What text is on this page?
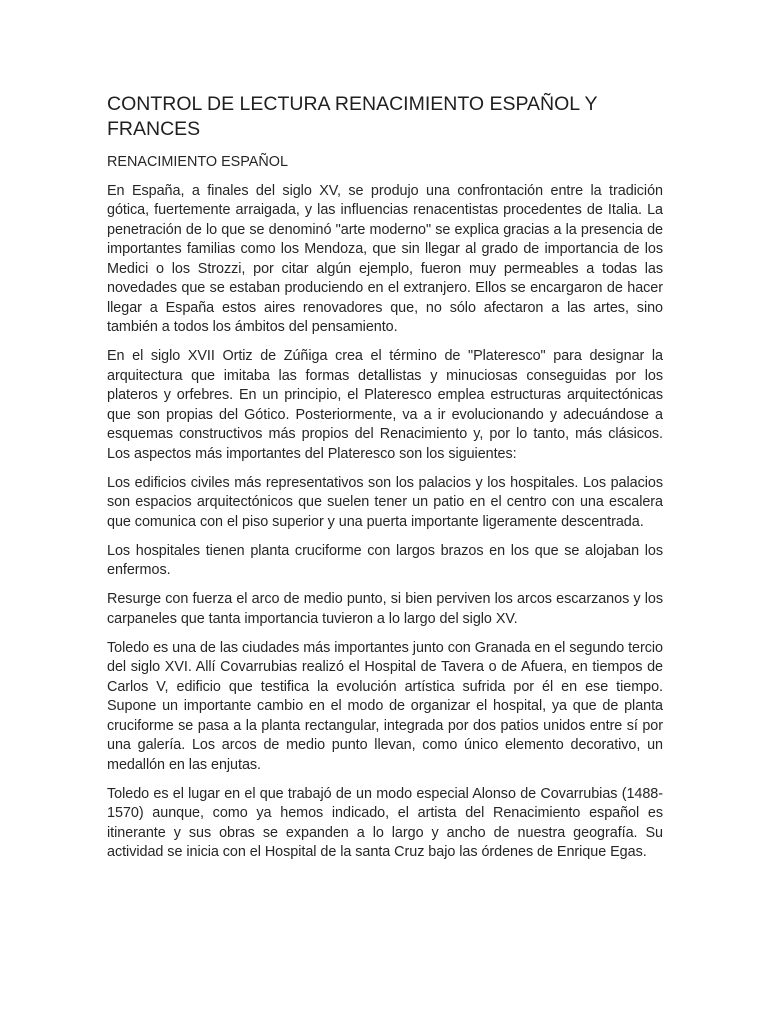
CONTROL DE LECTURA RENACIMIENTO ESPAÑOL Y FRANCES

RENACIMIENTO ESPAÑOL

En España, a finales del siglo XV, se produjo una confrontación entre la tradición gótica, fuertemente arraigada, y las influencias renacentistas procedentes de Italia. La penetración de lo que se denominó "arte moderno" se explica gracias a la presencia de importantes familias como los Mendoza, que sin llegar al grado de importancia de los Medici o los Strozzi, por citar algún ejemplo, fueron muy permeables a todas las novedades que se estaban produciendo en el extranjero. Ellos se encargaron de hacer llegar a España estos aires renovadores que, no sólo afectaron a las artes, sino también a todos los ámbitos del pensamiento.

En el siglo XVII Ortiz de Zúñiga crea el término de "Plateresco" para designar la arquitectura que imitaba las formas detallistas y minuciosas conseguidas por los plateros y orfebres. En un principio, el Plateresco emplea estructuras arquitectónicas que son propias del Gótico. Posteriormente, va a ir evolucionando y adecuándose a esquemas constructivos más propios del Renacimiento y, por lo tanto, más clásicos. Los aspectos más importantes del Plateresco son los siguientes:

Los edificios civiles más representativos son los palacios y los hospitales. Los palacios son espacios arquitectónicos que suelen tener un patio en el centro con una escalera que comunica con el piso superior y una puerta importante ligeramente descentrada.

Los hospitales tienen planta cruciforme con largos brazos en los que se alojaban los enfermos.

Resurge con fuerza el arco de medio punto, si bien perviven los arcos escarzanos y los carpaneles que tanta importancia tuvieron a lo largo del siglo XV.

Toledo es una de las ciudades más importantes junto con Granada en el segundo tercio del siglo XVI. Allí Covarrubias realizó el Hospital de Tavera o de Afuera, en tiempos de Carlos V, edificio que testifica la evolución artística sufrida por él en ese tiempo. Supone un importante cambio en el modo de organizar el hospital, ya que de planta cruciforme se pasa a la planta rectangular, integrada por dos patios unidos entre sí por una galería. Los arcos de medio punto llevan, como único elemento decorativo, un medallón en las enjutas.

Toledo es el lugar en el que trabajó de un modo especial Alonso de Covarrubias (1488-1570) aunque, como ya hemos indicado, el artista del Renacimiento español es itinerante y sus obras se expanden a lo largo y ancho de nuestra geografía. Su actividad se inicia con el Hospital de la santa Cruz bajo las órdenes de Enrique Egas.
